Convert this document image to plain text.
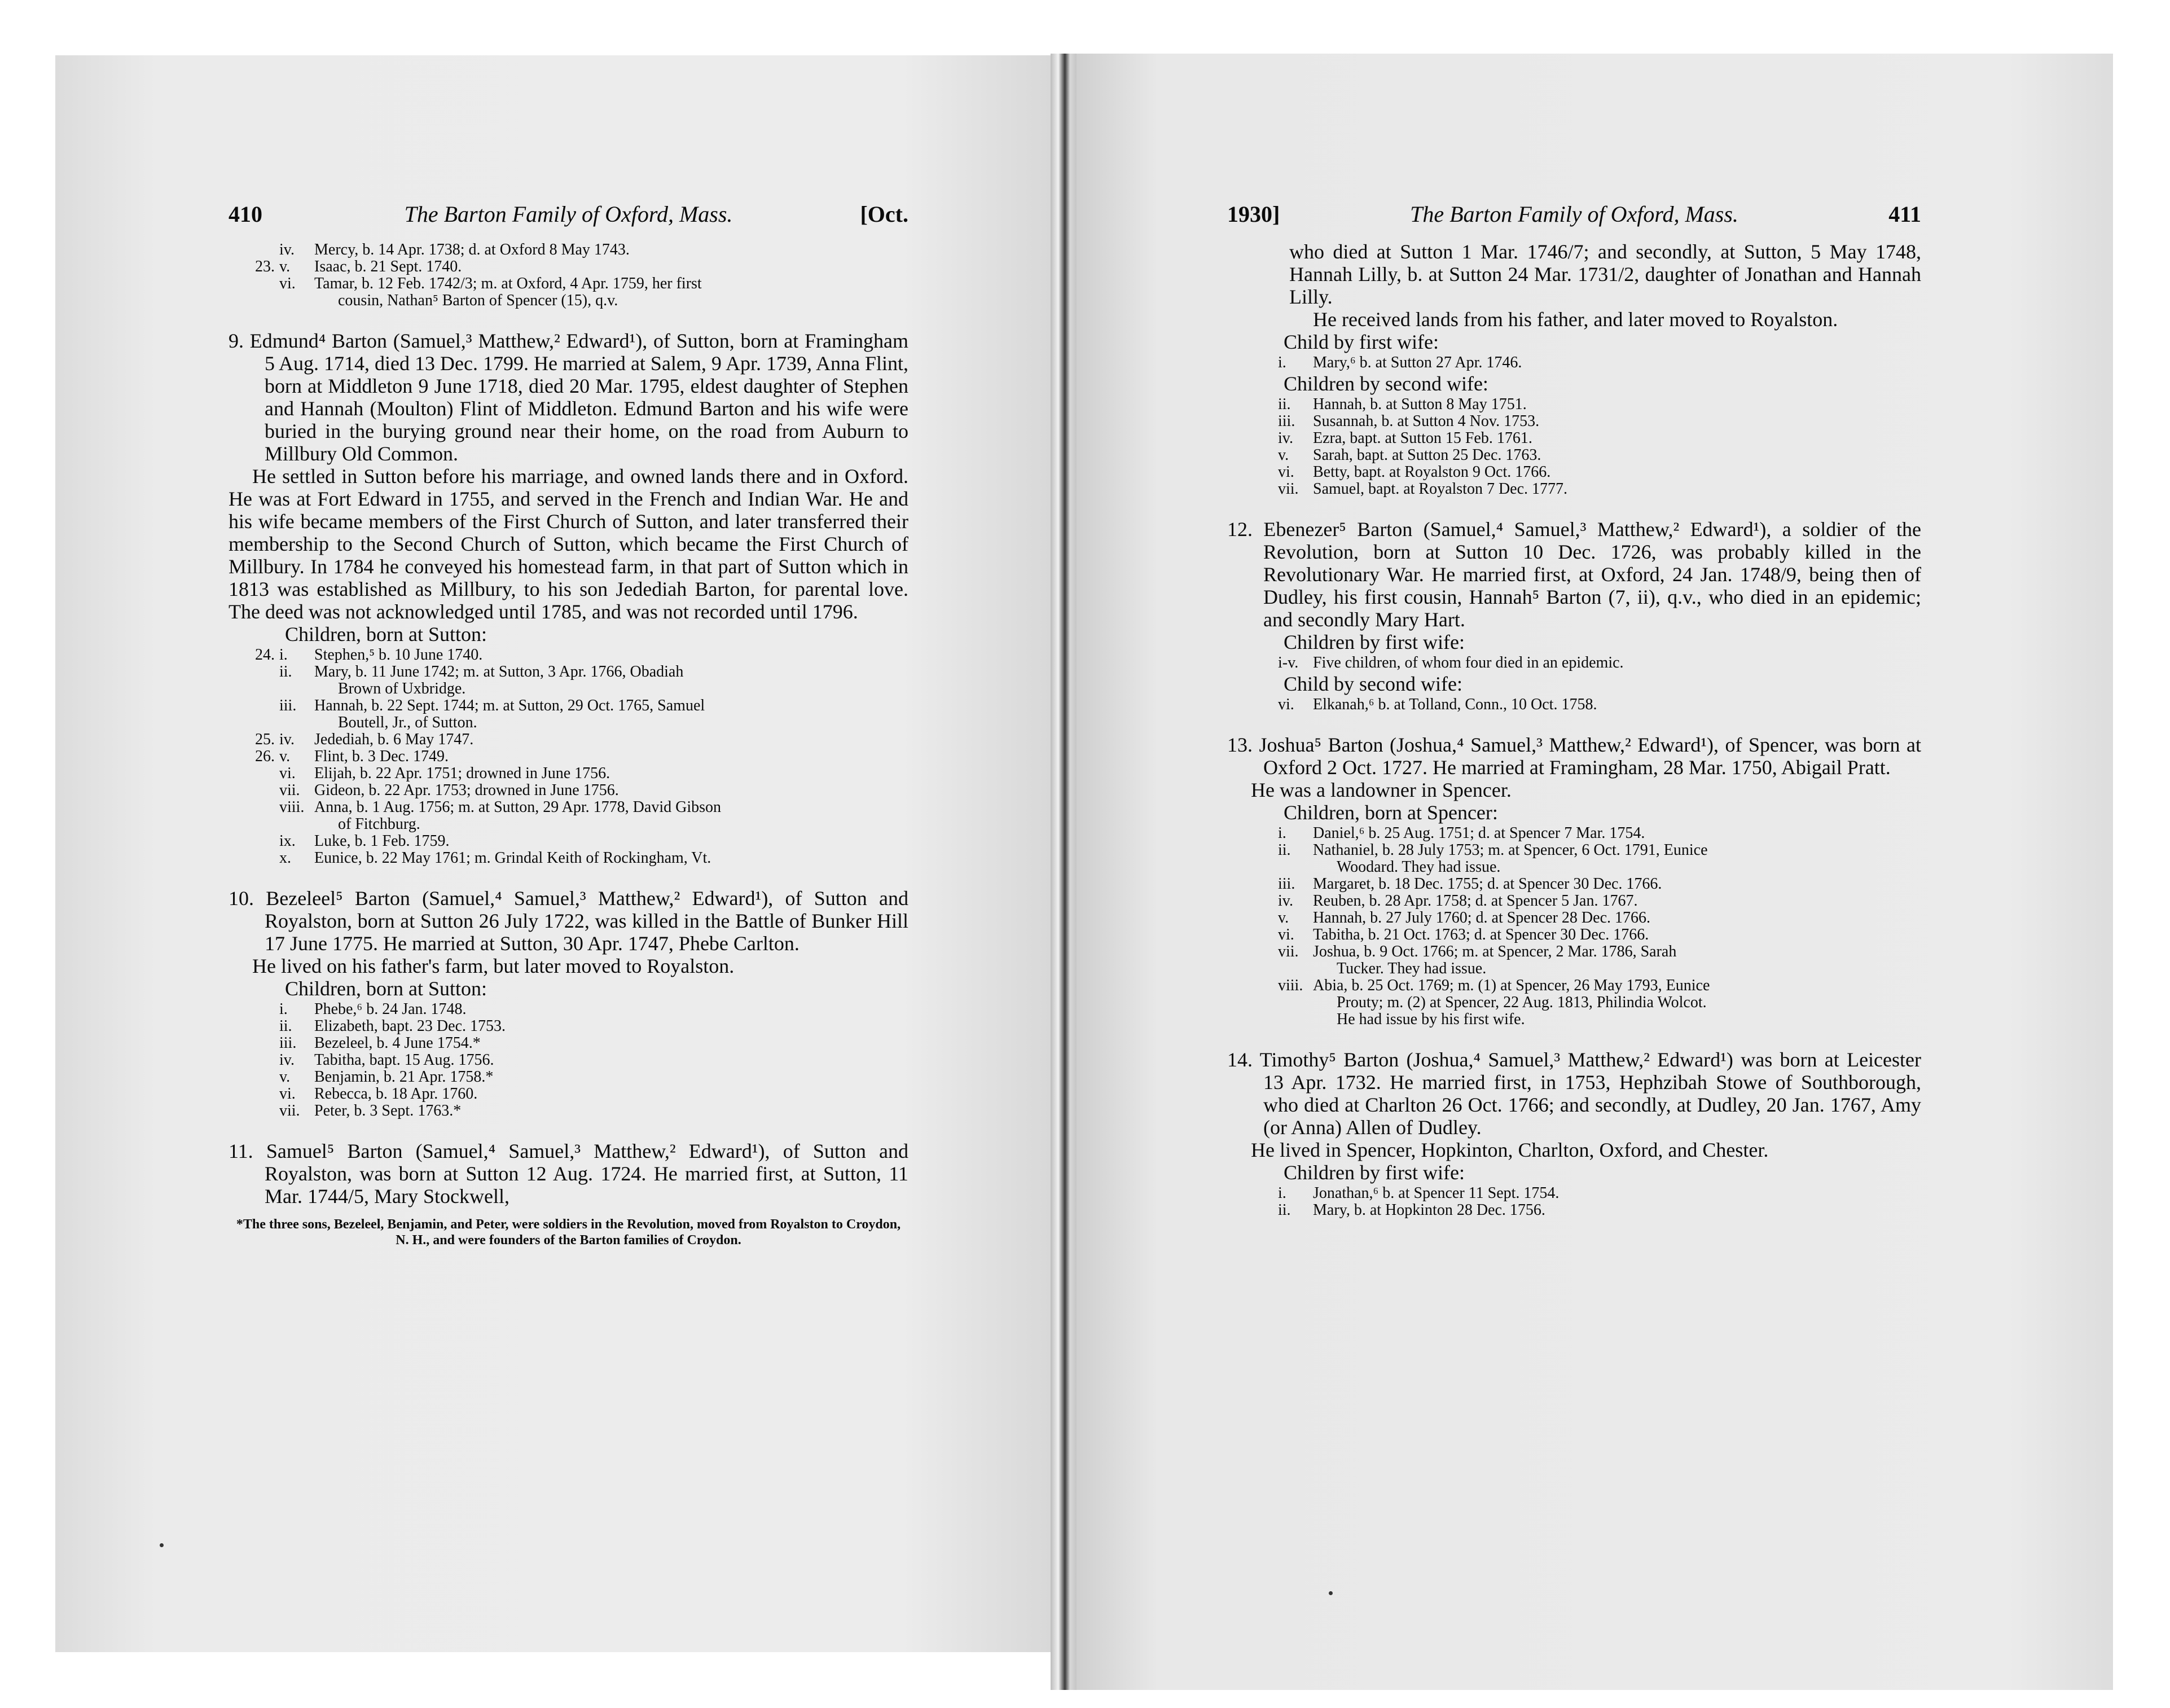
410	The Barton Family of Oxford, Mass.	[Oct.
iv.	Mercy, b. 14 Apr. 1738; d. at Oxford 8 May 1743.
23. v.	Isaac, b. 21 Sept. 1740.
vi.	Tamar, b. 12 Feb. 1742/3; m. at Oxford, 4 Apr. 1759, her first
cousin, Nathan⁵ Barton of Spencer (15), q.v.

9. Edmund⁴ Barton (Samuel,³ Matthew,² Edward¹), of Sutton, born at Framingham 5 Aug. 1714, died 13 Dec. 1799. He married at Salem, 9 Apr. 1739, Anna Flint, born at Middleton 9 June 1718, died 20 Mar. 1795, eldest daughter of Stephen and Hannah (Moulton) Flint of Middleton. Edmund Barton and his wife were buried in the burying ground near their home, on the road from Auburn to Millbury Old Common.

He settled in Sutton before his marriage, and owned lands there and in Oxford. He was at Fort Edward in 1755, and served in the French and Indian War. He and his wife became members of the First Church of Sutton, and later transferred their membership to the Second Church of Sutton, which became the First Church of Millbury. In 1784 he conveyed his homestead farm, in that part of Sutton which in 1813 was established as Millbury, to his son Jedediah Barton, for parental love. The deed was not acknowledged until 1785, and was not recorded until 1796.

Children, born at Sutton:
24. i.	Stephen,⁵ b. 10 June 1740.
ii.	Mary, b. 11 June 1742; m. at Sutton, 3 Apr. 1766, Obadiah
Brown of Uxbridge.
iii.	Hannah, b. 22 Sept. 1744; m. at Sutton, 29 Oct. 1765, Samuel
Boutell, Jr., of Sutton.
25. iv.	Jedediah, b. 6 May 1747.
26. v.	Flint, b. 3 Dec. 1749.
vi.	Elijah, b. 22 Apr. 1751; drowned in June 1756.
vii. Gideon, b. 22 Apr. 1753; drowned in June 1756.
viii. Anna, b. 1 Aug. 1756; m. at Sutton, 29 Apr. 1778, David Gibson
of Fitchburg.
ix.	Luke, b. 1 Feb. 1759.
x.	Eunice, b. 22 May 1761; m. Grindal Keith of Rockingham, Vt.

10. Bezeleel⁵ Barton (Samuel,⁴ Samuel,³ Matthew,² Edward¹), of Sutton and Royalston, born at Sutton 26 July 1722, was killed in the Battle of Bunker Hill 17 June 1775. He married at Sutton, 30 Apr. 1747, Phebe Carlton.

He lived on his father's farm, but later moved to Royalston.

Children, born at Sutton:
i.	Phebe,⁶ b. 24 Jan. 1748.
ii.	Elizabeth, bapt. 23 Dec. 1753.
iii.	Bezeleel, b. 4 June 1754.*
iv.	Tabitha, bapt. 15 Aug. 1756.
v.	Benjamin, b. 21 Apr. 1758.*
vi.	Rebecca, b. 18 Apr. 1760.
vii. Peter, b. 3 Sept. 1763.*

11. Samuel⁵ Barton (Samuel,⁴ Samuel,³ Matthew,² Edward¹), of Sutton and Royalston, was born at Sutton 12 Aug. 1724. He married first, at Sutton, 11 Mar. 1744/5, Mary Stockwell,

*The three sons, Bezeleel, Benjamin, and Peter, were soldiers in the Revolution, moved from Royalston to Croydon, N. H., and were founders of the Barton families of Croydon.
1930]	The Barton Family of Oxford, Mass.	411

who died at Sutton 1 Mar. 1746/7; and secondly, at Sutton, 5 May 1748, Hannah Lilly, b. at Sutton 24 Mar. 1731/2, daughter of Jonathan and Hannah Lilly.

He received lands from his father, and later moved to Royalston.

Child by first wife:
i.	Mary,⁶ b. at Sutton 27 Apr. 1746.
Children by second wife:
ii.	Hannah, b. at Sutton 8 May 1751.
iii.	Susannah, b. at Sutton 4 Nov. 1753.
iv.	Ezra, bapt. at Sutton 15 Feb. 1761.
v.	Sarah, bapt. at Sutton 25 Dec. 1763.
vi.	Betty, bapt. at Royalston 9 Oct. 1766.
vii. Samuel, bapt. at Royalston 7 Dec. 1777.

12. Ebenezer⁵ Barton (Samuel,⁴ Samuel,³ Matthew,² Edward¹), a soldier of the Revolution, born at Sutton 10 Dec. 1726, was probably killed in the Revolutionary War. He married first, at Oxford, 24 Jan. 1748/9, being then of Dudley, his first cousin, Hannah⁵ Barton (7, ii), q.v., who died in an epidemic; and secondly Mary Hart.

Children by first wife:
i-v. Five children, of whom four died in an epidemic.
Child by second wife:
vi.	Elkanah,⁶ b. at Tolland, Conn., 10 Oct. 1758.

13. Joshua⁵ Barton (Joshua,⁴ Samuel,³ Matthew,² Edward¹), of Spencer, was born at Oxford 2 Oct. 1727. He married at Framingham, 28 Mar. 1750, Abigail Pratt.

He was a landowner in Spencer.

Children, born at Spencer:
i.	Daniel,⁶ b. 25 Aug. 1751; d. at Spencer 7 Mar. 1754.
ii.	Nathaniel, b. 28 July 1753; m. at Spencer, 6 Oct. 1791, Eunice
Woodard. They had issue.
iii.	Margaret, b. 18 Dec. 1755; d. at Spencer 30 Dec. 1766.
iv.	Reuben, b. 28 Apr. 1758; d. at Spencer 5 Jan. 1767.
v.	Hannah, b. 27 July 1760; d. at Spencer 28 Dec. 1766.
vi.	Tabitha, b. 21 Oct. 1763; d. at Spencer 30 Dec. 1766.
vii. Joshua, b. 9 Oct. 1766; m. at Spencer, 2 Mar. 1786, Sarah
Tucker. They had issue.
viii. Abia, b. 25 Oct. 1769; m. (1) at Spencer, 26 May 1793, Eunice
Prouty; m. (2) at Spencer, 22 Aug. 1813, Philindia Wolcot.
He had issue by his first wife.

14. Timothy⁵ Barton (Joshua,⁴ Samuel,³ Matthew,² Edward¹) was born at Leicester 13 Apr. 1732. He married first, in 1753, Hephzibah Stowe of Southborough, who died at Charlton 26 Oct. 1766; and secondly, at Dudley, 20 Jan. 1767, Amy (or Anna) Allen of Dudley.

He lived in Spencer, Hopkinton, Charlton, Oxford, and Chester.

Children by first wife:
i.	Jonathan,⁶ b. at Spencer 11 Sept. 1754.
ii.	Mary, b. at Hopkinton 28 Dec. 1756.
